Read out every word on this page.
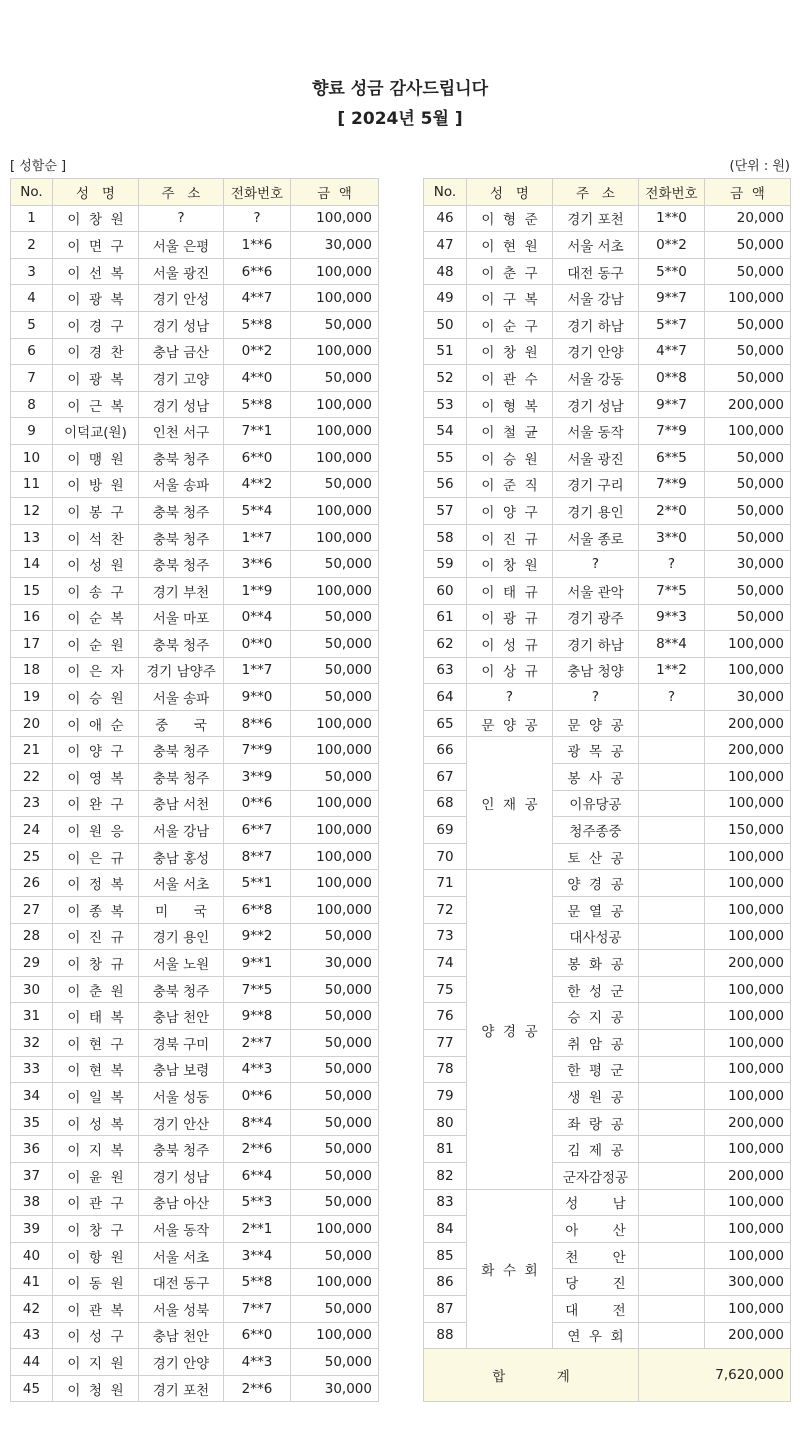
향료 성금 감사드립니다
[ 2024년 5월 ]
[ 성함순 ]	(단위 : 원)
No.	성   명	주   소	전화번호	금  액
1	이  창  원	?	?	100,000
2	이  면  구	서울 은평	1**6	30,000
3	이  선  복	서울 광진	6**6	100,000
4	이  광  복	경기 안성	4**7	100,000
5	이  경  구	경기 성남	5**8	50,000
6	이  경  찬	충남 금산	0**2	100,000
7	이  광  복	경기 고양	4**0	50,000
8	이  근  복	경기 성남	5**8	100,000
9	이덕교(원)	인천 서구	7**1	100,000
10	이  맹  원	충북 청주	6**0	100,000
11	이  방  원	서울 송파	4**2	50,000
12	이  봉  구	충북 청주	5**4	100,000
13	이  석  찬	충북 청주	1**7	100,000
14	이  성  원	충북 청주	3**6	50,000
15	이  송  구	경기 부천	1**9	100,000
16	이  순  복	서울 마포	0**4	50,000
17	이  순  원	충북 청주	0**0	50,000
18	이  은  자	경기 남양주	1**7	50,000
19	이  승  원	서울 송파	9**0	50,000
20	이  애  순	중      국	8**6	100,000
21	이  양  구	충북 청주	7**9	100,000
22	이  영  복	충북 청주	3**9	50,000
23	이  완  구	충남 서천	0**6	100,000
24	이  원  응	서울 강남	6**7	100,000
25	이  은  규	충남 홍성	8**7	100,000
26	이  정  복	서울 서초	5**1	100,000
27	이  종  복	미      국	6**8	100,000
28	이  진  규	경기 용인	9**2	50,000
29	이  창  규	서울 노원	9**1	30,000
30	이  춘  원	충북 청주	7**5	50,000
31	이  태  복	충남 천안	9**8	50,000
32	이  현  구	경북 구미	2**7	50,000
33	이  현  복	충남 보령	4**3	50,000
34	이  일  복	서울 성동	0**6	50,000
35	이  성  복	경기 안산	8**4	50,000
36	이  지  복	충북 청주	2**6	50,000
37	이  윤  원	경기 성남	6**4	50,000
38	이  관  구	충남 아산	5**3	50,000
39	이  창  구	서울 동작	2**1	100,000
40	이  항  원	서울 서초	3**4	50,000
41	이  동  원	대전 동구	5**8	100,000
42	이  관  복	서울 성북	7**7	50,000
43	이  성  구	충남 천안	6**0	100,000
44	이  지  원	경기 안양	4**3	50,000
45	이  청  원	경기 포천	2**6	30,000
No.	성   명	주   소	전화번호	금  액
46	이  형  준	경기 포천	1**0	20,000
47	이  현  원	서울 서초	0**2	50,000
48	이  춘  구	대전 동구	5**0	50,000
49	이  구  복	서울 강남	9**7	100,000
50	이  순  구	경기 하남	5**7	50,000
51	이  창  원	경기 안양	4**7	50,000
52	이  관  수	서울 강동	0**8	50,000
53	이  형  복	경기 성남	9**7	200,000
54	이  철  균	서울 동작	7**9	100,000
55	이  승  원	서울 광진	6**5	50,000
56	이  준  직	경기 구리	7**9	50,000
57	이  양  구	경기 용인	2**0	50,000
58	이  진  규	서울 종로	3**0	50,000
59	이  창  원	?	?	30,000
60	이  태  규	서울 관악	7**5	50,000
61	이  광  규	경기 광주	9**3	50,000
62	이  성  규	경기 하남	8**4	100,000
63	이  상  규	충남 청양	1**2	100,000
64	?	?	?	30,000
65	문  양  공	문  양  공		200,000
66	인  재  공	광  목  공		200,000
67		봉  사  공		100,000
68		이유당공		100,000
69		청주종중		150,000
70		토  산  공		100,000
71	양  경  공	양  경  공		100,000
72		문  열  공		100,000
73		대사성공		100,000
74		봉  화  공		200,000
75		한  성  군		100,000
76		승  지  공		100,000
77		취  암  공		100,000
78		한  평  군		100,000
79		생  원  공		100,000
80		좌  랑  공		200,000
81		김  제  공		100,000
82		군자감정공		200,000
83	화  수  회	성        남		100,000
84		아        산		100,000
85		천        안		100,000
86		당        진		300,000
87		대        전		100,000
88		연  우  회		200,000
합            계			7,620,000	
